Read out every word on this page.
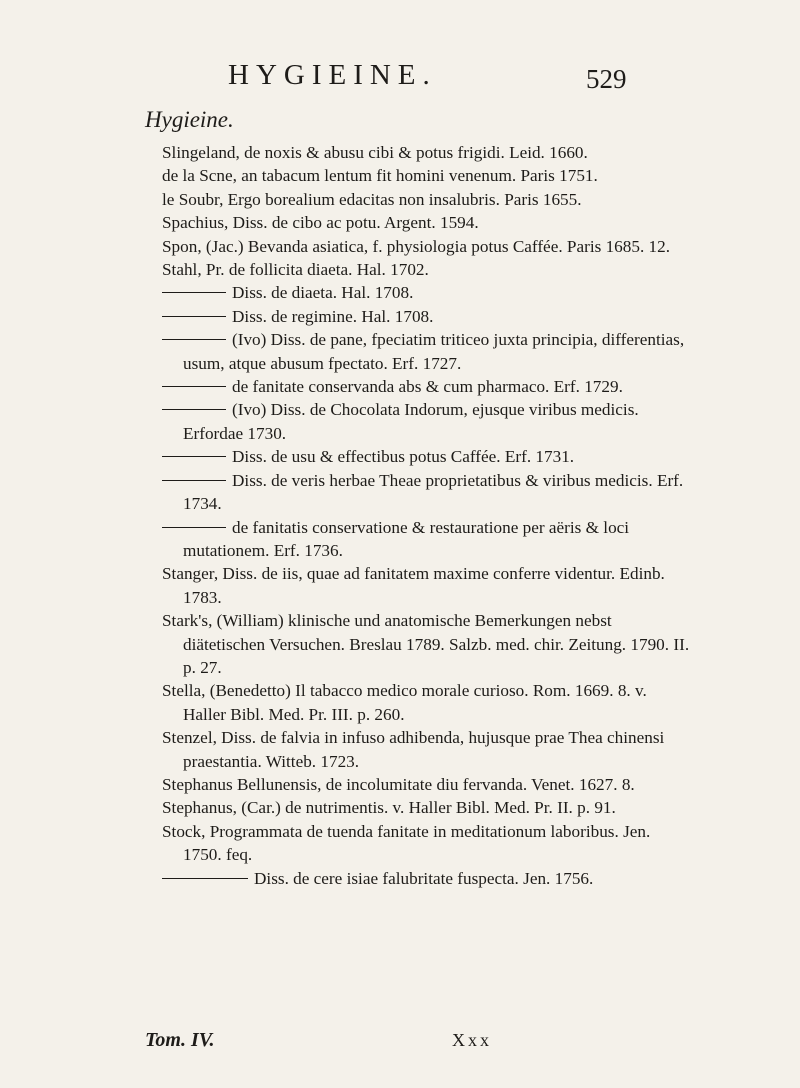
HYGIEINE.	529
Hygieine.
Slingeland, de noxis & abusu cibi & potus frigidi. Leid. 1660.
de la Scne, an tabacum lentum fit homini venenum. Paris 1751.
le Soubr, Ergo borealium edacitas non insalubris. Paris 1655.
Spachius, Diss. de cibo ac potu. Argent. 1594.
Spon, (Jac.) Bevanda asiatica, f. physiologia potus Caffée. Paris 1685. 12.
Stahl, Pr. de follicita diaeta. Hal. 1702.
Diss. de diaeta. Hal. 1708.
Diss. de regimine. Hal. 1708.
(Ivo) Diss. de pane, fpeciatim triticeo juxta principia, differentias, usum, atque abusum fpectato. Erf. 1727.
de fanitate conservanda abs & cum pharmaco. Erf. 1729.
(Ivo) Diss. de Chocolata Indorum, ejusque viribus medicis. Erfordae 1730.
Diss. de usu & effectibus potus Caffée. Erf. 1731.
Diss. de veris herbae Theae proprietatibus & viribus medicis. Erf. 1734.
de fanitatis conservatione & restauratione per aëris & loci mutationem. Erf. 1736.
Stanger, Diss. de iis, quae ad fanitatem maxime conferre videntur. Edinb. 1783.
Stark's, (William) klinische und anatomische Bemerkungen nebst diätetischen Versuchen. Breslau 1789. Salzb. med. chir. Zeitung. 1790. II. p. 27.
Stella, (Benedetto) Il tabacco medico morale curioso. Rom. 1669. 8. v. Haller Bibl. Med. Pr. III. p. 260.
Stenzel, Diss. de falvia in infuso adhibenda, hujusque prae Thea chinensi praestantia. Witteb. 1723.
Stephanus Bellunensis, de incolumitate diu fervanda. Venet. 1627. 8.
Stephanus, (Car.) de nutrimentis. v. Haller Bibl. Med. Pr. II. p. 91.
Stock, Programmata de tuenda fanitate in meditationum laboribus. Jen. 1750. feq.
Diss. de cere isiae falubritate fuspecta. Jen. 1756.
Tom. IV.	Xxx
